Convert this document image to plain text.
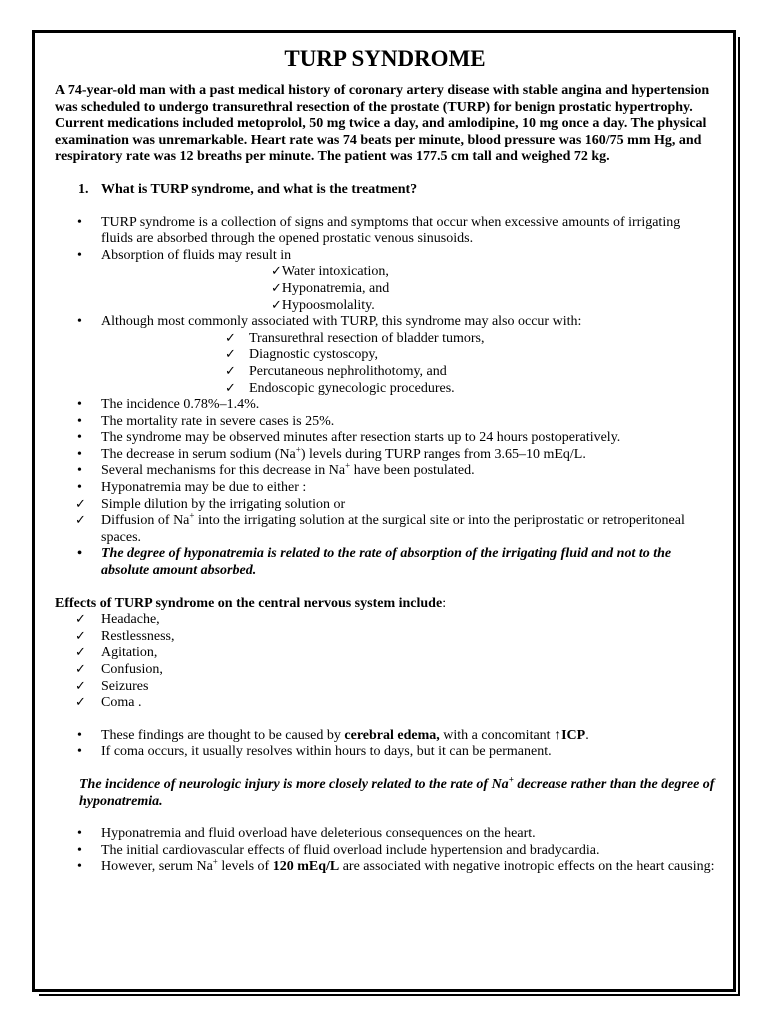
TURP SYNDROME

A 74-year-old man with a past medical history of coronary artery disease with stable angina and hypertension was scheduled to undergo transurethral resection of the prostate (TURP) for benign prostatic hypertrophy.

Current medications included metoprolol, 50 mg twice a day, and amlodipine, 10 mg once a day. The physical examination was unremarkable. Heart rate was 74 beats per minute, blood pressure was 160/75 mm Hg, and respiratory rate was 12 breaths per minute. The patient was 177.5 cm tall and weighed 72 kg.

1. What is TURP syndrome, and what is the treatment?
• TURP syndrome is a collection of signs and symptoms that occur when excessive amounts of irrigating fluids are absorbed through the opened prostatic venous sinusoids.
• Absorption of fluids may result in
✓ Water intoxication,
✓ Hyponatremia, and
✓ Hypoosmolality.
• Although most commonly associated with TURP, this syndrome may also occur with:
✓ Transurethral resection of bladder tumors,
✓ Diagnostic cystoscopy,
✓ Percutaneous nephrolithotomy, and
✓ Endoscopic gynecologic procedures.
• The incidence 0.78%–1.4%.
• The mortality rate in severe cases is 25%.
• The syndrome may be observed minutes after resection starts up to 24 hours postoperatively.
• The decrease in serum sodium (Na+) levels during TURP ranges from 3.65–10 mEq/L.
• Several mechanisms for this decrease in Na+ have been postulated.
• Hyponatremia may be due to either :
✓ Simple dilution by the irrigating solution or
✓ Diffusion of Na+ into the irrigating solution at the surgical site or into the periprostatic or retroperitoneal spaces.
• The degree of hyponatremia is related to the rate of absorption of the irrigating fluid and not to the absolute amount absorbed.

Effects of TURP syndrome on the central nervous system include:

✓ Headache,
✓ Restlessness,
✓ Agitation,
✓ Confusion,
✓ Seizures
✓ Coma .
• These findings are thought to be caused by cerebral edema, with a concomitant ↑ICP.
• If coma occurs, it usually resolves within hours to days, but it can be permanent.

The incidence of neurologic injury is more closely related to the rate of Na+ decrease rather than the degree of hyponatremia.

• Hyponatremia and fluid overload have deleterious consequences on the heart.
• The initial cardiovascular effects of fluid overload include hypertension and bradycardia.
• However, serum Na+ levels of 120 mEq/L are associated with negative inotropic effects on the heart causing:
